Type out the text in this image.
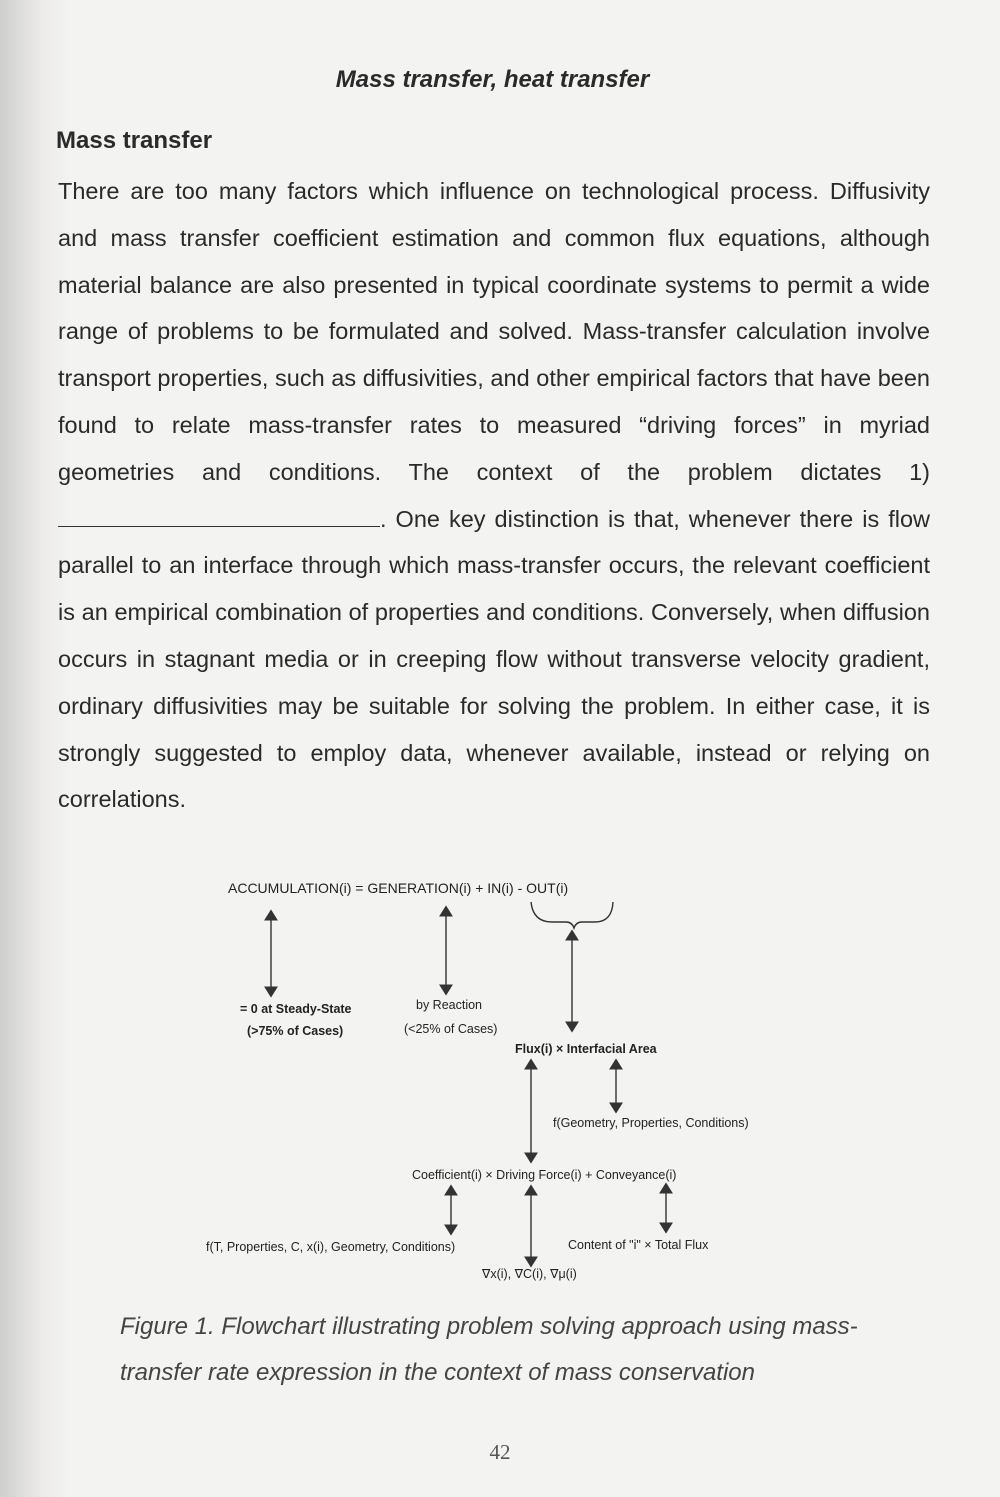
Mass transfer, heat transfer
Mass transfer

There are too many factors which influence on technological process. Diffusivity and mass transfer coefficient estimation and common flux equations, although material balance are also presented in typical coordinate systems to permit a wide range of problems to be formulated and solved. Mass-transfer calculation involve transport properties, such as diffusivities, and other empirical factors that have been found to relate mass-transfer rates to measured “driving forces” in myriad geometries and conditions. The context of the problem dictates 1). One key distinction is that, whenever there is flow parallel to an interface through which mass-transfer occurs, the relevant coefficient is an empirical combination of properties and conditions. Conversely, when diffusion occurs in stagnant media or in creeping flow without transverse velocity gradient, ordinary diffusivities may be suitable for solving the problem. In either case, it is strongly suggested to employ data, whenever available, instead or relying on correlations.

ACCUMULATION(i) = GENERATION(i) + IN(i) - OUT(i)
= 0 at Steady-State
(>75% of Cases)
by Reaction
(<25% of Cases)
Flux(i) × Interfacial Area
f(Geometry, Properties, Conditions)
Coefficient(i) × Driving Force(i) + Conveyance(i)
f(T, Properties, C, x(i), Geometry, Conditions)
∇x(i), ∇C(i), ∇μ(i)
Content of "i" × Total Flux
Figure 1. Flowchart illustrating problem solving approach using mass-transfer rate expression in the context of mass conservation
42
